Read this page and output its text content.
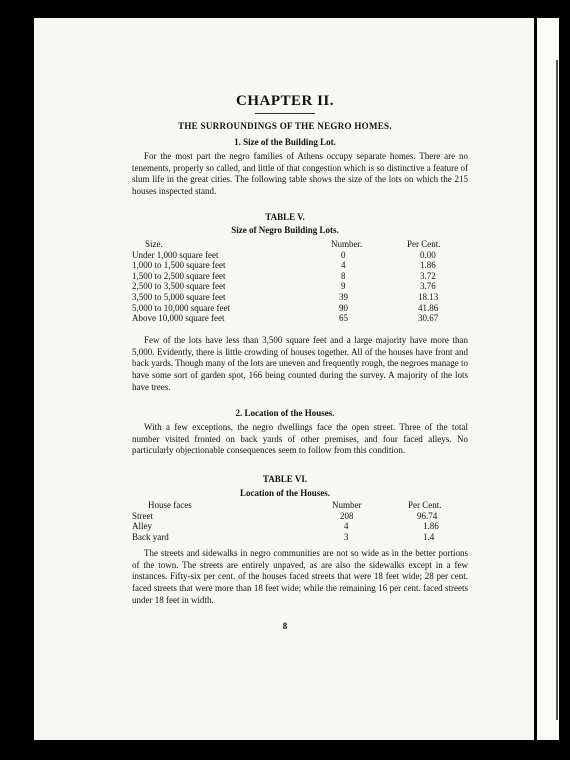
CHAPTER II.
THE SURROUNDINGS OF THE NEGRO HOMES.
1. Size of the Building Lot.
For the most part the negro families of Athens occupy separate homes. There are no tenements, properly so called, and little of that congestion which is so distinctive a feature of slum life in the great cities. The following table shows the size of the lots on which the 215 houses inspected stand.
TABLE V.
Size of Negro Building Lots.
Size.	Number.	Per Cent.
Under 1,000 square feet	0	0.00
1,000 to 1,500 square feet	4	1.86
1,500 to 2,500 square feet	8	3.72
2,500 to 3,500 square feet	9	3.76
3,500 to 5,000 square feet	39	18.13
5,000 to 10,000 square feet	90	41.86
Above 10,000 square feet	65	30.67
Few of the lots have less than 3,500 square feet and a large majority have more than 5,000. Evidently, there is little crowding of houses together. All of the houses have front and back yards. Though many of the lots are uneven and frequently rough, the negroes manage to have some sort of garden spot, 166 being counted during the survey. A majority of the lots have trees.
2. Location of the Houses.
With a few exceptions, the negro dwellings face the open street. Three of the total number visited fronted on back yards of other premises, and four faced alleys. No particularly objectionable consequences seem to follow from this condition.
TABLE VI.
Location of the Houses.
House faces	Number	Per Cent.
Street	208	96.74
Alley	4	1.86
Back yard	3	1.4
The streets and sidewalks in negro communities are not so wide as in the better portions of the town. The streets are entirely unpaved, as are also the sidewalks except in a few instances. Fifty-six per cent. of the houses faced streets that were 18 feet wide; 28 per cent. faced streets that were more than 18 feet wide; while the remaining 16 per cent. faced streets under 18 feet in width.
8
